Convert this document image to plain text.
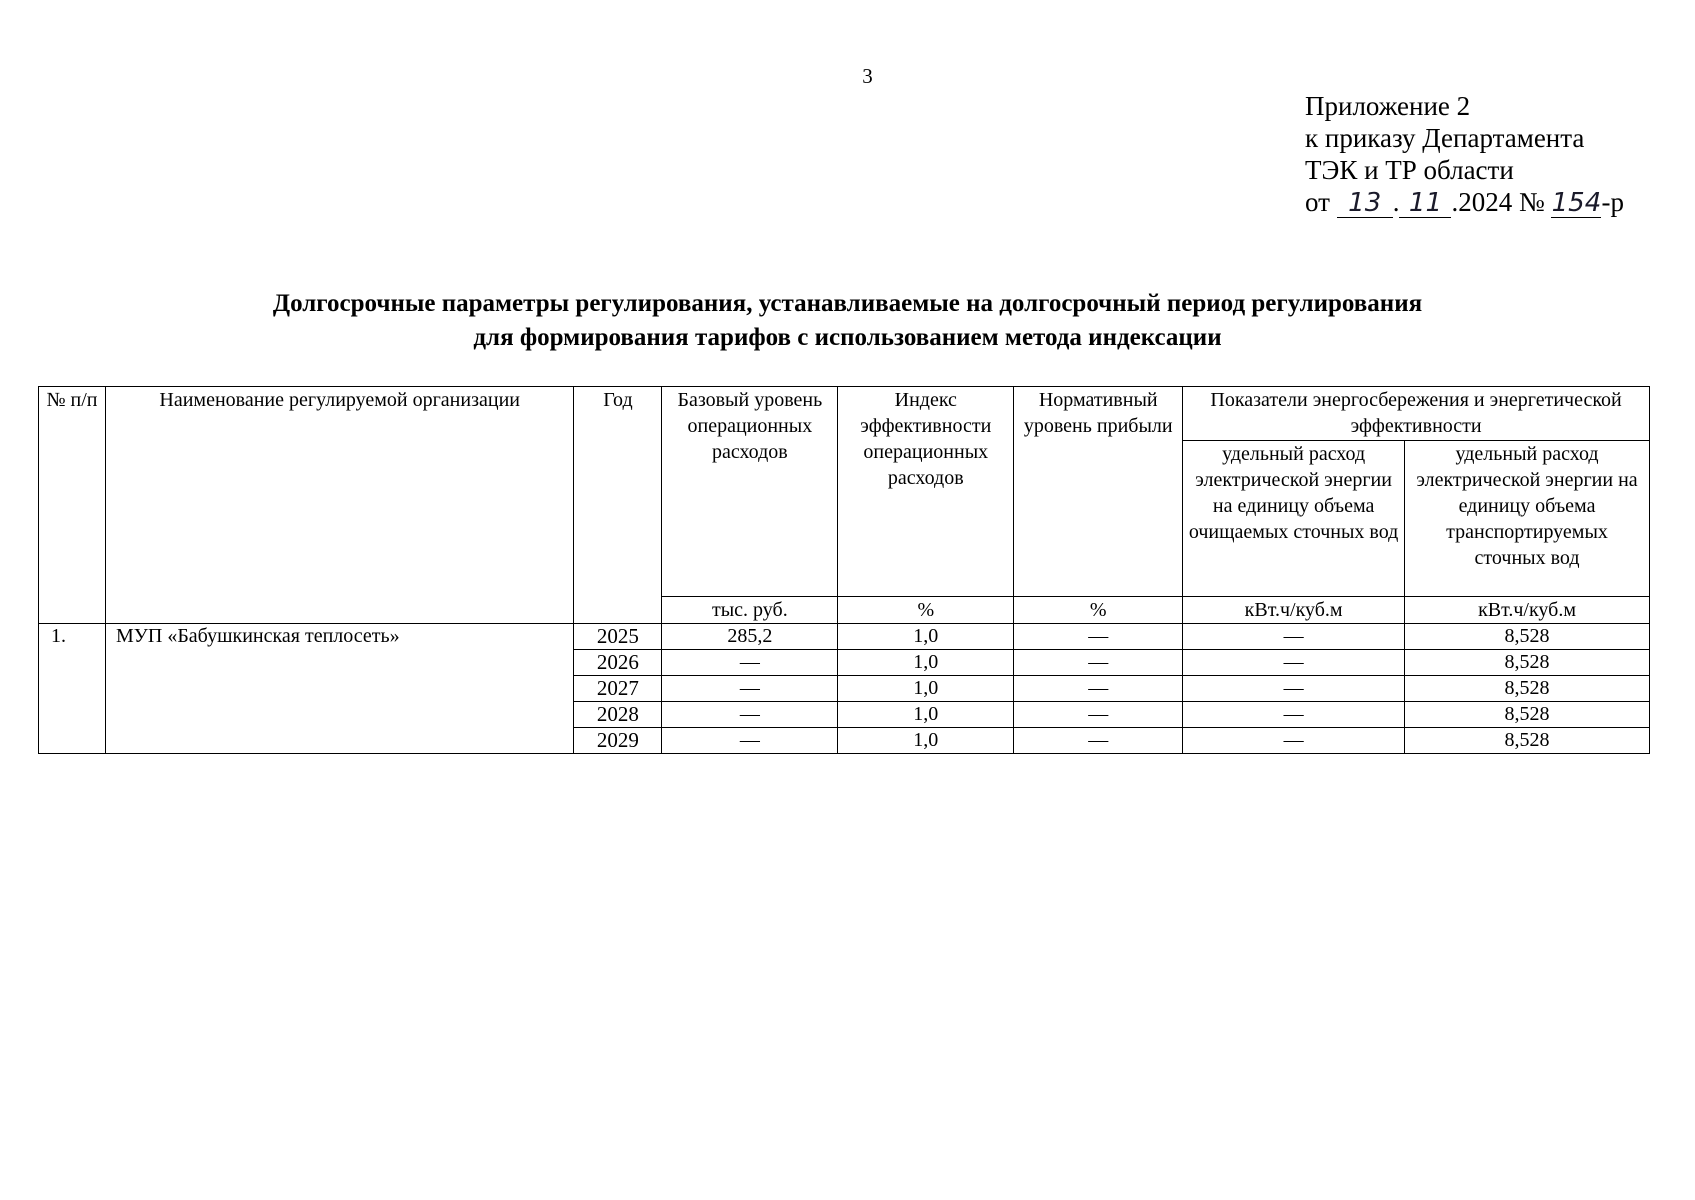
3
Приложение 2
к приказу Департамента
ТЭК и ТР области
от 13 . 11 .2024 № 154-р
Долгосрочные параметры регулирования, устанавливаемые на долгосрочный период регулирования
для формирования тарифов с использованием метода индексации
№ п/п	Наименование регулируемой организации	Год	Базовый уровень операционных расходов	Индекс эффективности операционных расходов	Нормативный уровень прибыли	Показатели энергосбережения и энергетической эффективности	
						удельный расход электрической энергии на единицу объема очищаемых сточных вод	удельный расход электрической энергии на единицу объема транспортируемых сточных вод
			тыс. руб.	%	%	кВт.ч/куб.м	кВт.ч/куб.м
1.	МУП «Бабушкинская теплосеть»	2025	285,2	1,0	—	—	8,528
		2026	—	1,0	—	—	8,528
		2027	—	1,0	—	—	8,528
		2028	—	1,0	—	—	8,528
		2029	—	1,0	—	—	8,528
